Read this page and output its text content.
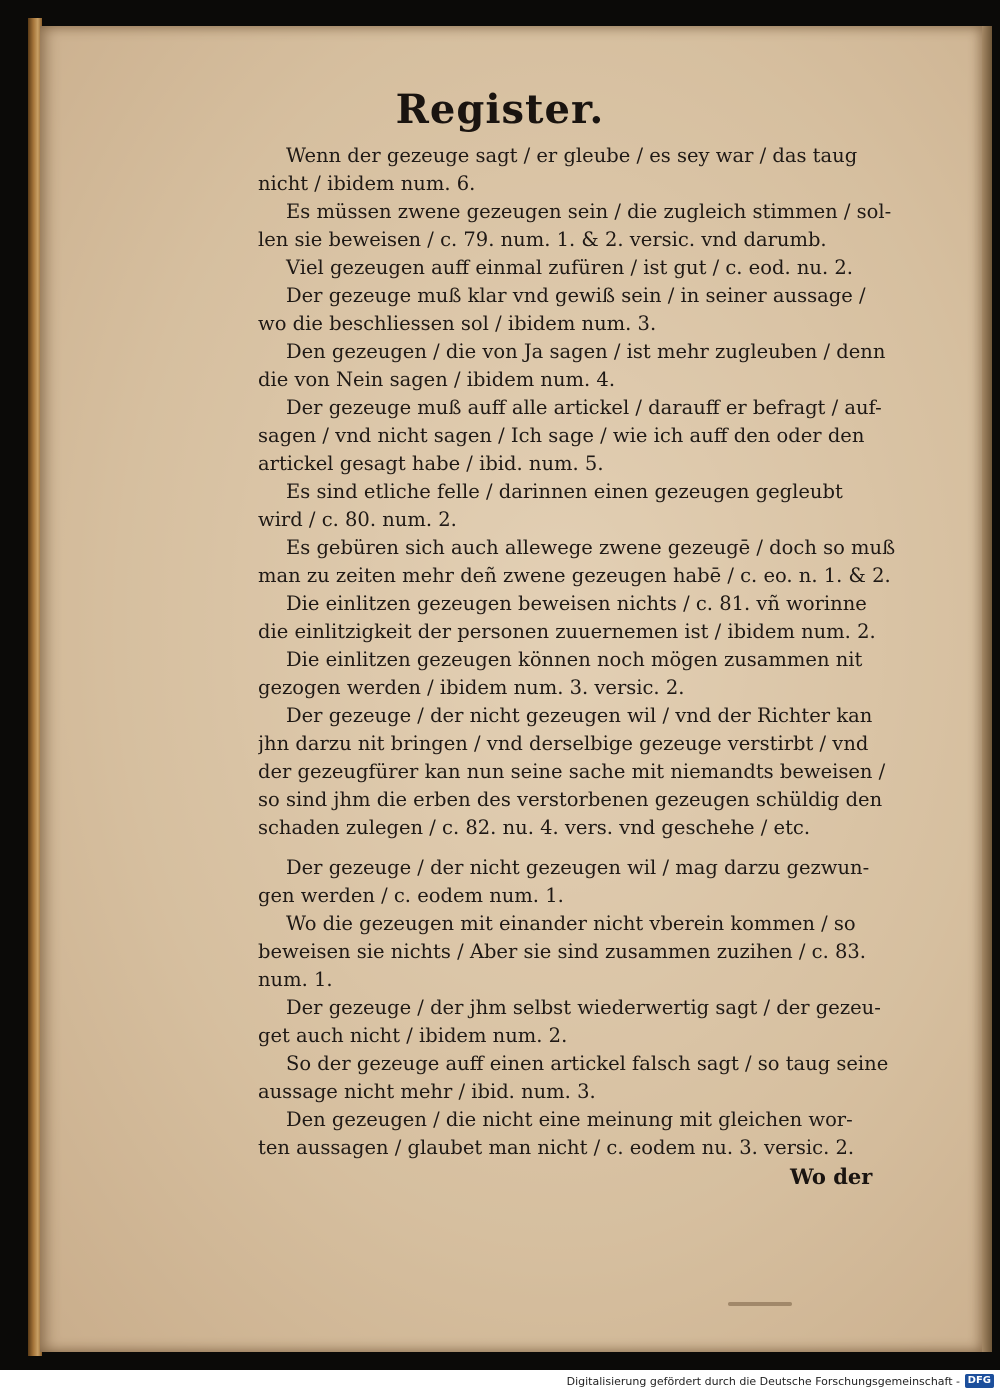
Register.
Wenn der gezeuge sagt / er gleube / es sey war / das taug
nicht / ibidem num. 6.
Es müssen zwene gezeugen sein / die zugleich stimmen / sol-
len sie beweisen / c. 79. num. 1. & 2. versic. vnd darumb.
Viel gezeugen auff einmal zufüren / ist gut / c. eod. nu. 2.
Der gezeuge muß klar vnd gewiß sein / in seiner aussage /
wo die beschliessen sol / ibidem num. 3.
Den gezeugen / die von Ja sagen / ist mehr zugleuben / denn
die von Nein sagen / ibidem num. 4.
Der gezeuge muß auff alle artickel / darauff er befragt / auf-
sagen / vnd nicht sagen / Ich sage / wie ich auff den oder den
artickel gesagt habe / ibid. num. 5.
Es sind etliche felle / darinnen einen gezeugen gegleubt
wird / c. 80. num. 2.
Es gebüren sich auch allewege zwene gezeugē / doch so muß
man zu zeiten mehr deñ zwene gezeugen habē / c. eo. n. 1. & 2.
Die einlitzen gezeugen beweisen nichts / c. 81. vñ worinne
die einlitzigkeit der personen zuuernemen ist / ibidem num. 2.
Die einlitzen gezeugen können noch mögen zusammen nit
gezogen werden / ibidem num. 3. versic. 2.
Der gezeuge / der nicht gezeugen wil / vnd der Richter kan
jhn darzu nit bringen / vnd derselbige gezeuge verstirbt / vnd
der gezeugfürer kan nun seine sache mit niemandts beweisen /
so sind jhm die erben des verstorbenen gezeugen schüldig den
schaden zulegen / c. 82. nu. 4. vers. vnd geschehe / etc.
Der gezeuge / der nicht gezeugen wil / mag darzu gezwun-
gen werden / c. eodem num. 1.
Wo die gezeugen mit einander nicht vberein kommen / so
beweisen sie nichts / Aber sie sind zusammen zuzihen / c. 83.
num. 1.
Der gezeuge / der jhm selbst wiederwertig sagt / der gezeu-
get auch nicht / ibidem num. 2.
So der gezeuge auff einen artickel falsch sagt / so taug seine
aussage nicht mehr / ibid. num. 3.
Den gezeugen / die nicht eine meinung mit gleichen wor-
ten aussagen / glaubet man nicht / c. eodem nu. 3. versic. 2.
Wo der
Digitalisierung gefördert durch die Deutsche Forschungsgemeinschaft - DFG
